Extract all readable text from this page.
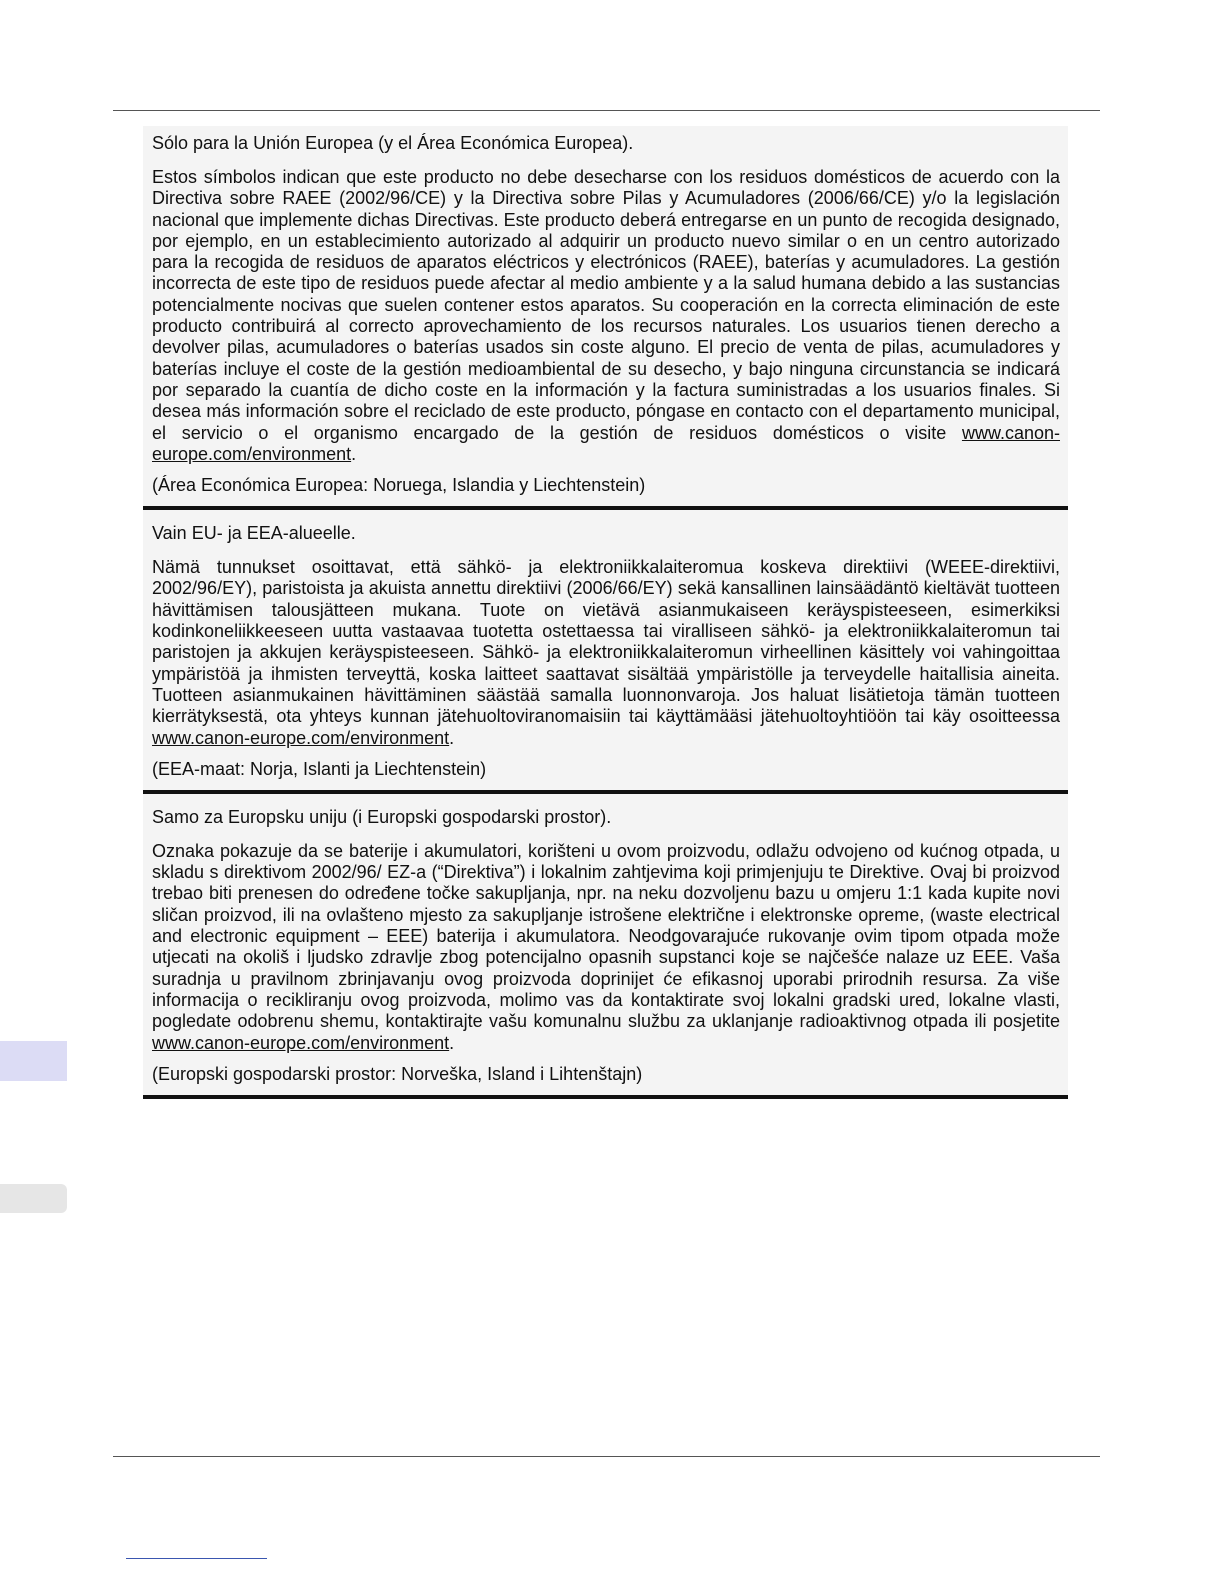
Sólo para la Unión Europea (y el Área Económica Europea).

Estos símbolos indican que este producto no debe desecharse con los residuos domésticos de acuerdo con la Directiva sobre RAEE (2002/96/CE) y la Directiva sobre Pilas y Acumuladores (2006/66/CE) y/o la legislación nacional que implemente dichas Directivas. Este producto deberá entregarse en un punto de recogida designado, por ejemplo, en un establecimiento autorizado al adquirir un producto nuevo similar o en un centro autorizado para la recogida de residuos de aparatos eléctricos y electrónicos (RAEE), baterías y acumuladores. La gestión incorrecta de este tipo de residuos puede afectar al medio ambiente y a la salud humana debido a las sustancias potencialmente nocivas que suelen contener estos aparatos. Su cooperación en la correcta eliminación de este producto contribuirá al correcto aprovechamiento de los recursos naturales. Los usuarios tienen derecho a devolver pilas, acumuladores o baterías usados sin coste alguno. El precio de venta de pilas, acumuladores y baterías incluye el coste de la gestión medioambiental de su desecho, y bajo ninguna circunstancia se indicará por separado la cuantía de dicho coste en la información y la factura suministradas a los usuarios finales. Si desea más información sobre el reciclado de este producto, póngase en contacto con el departamento municipal, el servicio o el organismo encargado de la gestión de residuos domésticos o visite www.canon-europe.com/environment.

(Área Económica Europea: Noruega, Islandia y Liechtenstein)

Vain EU- ja EEA-alueelle.

Nämä tunnukset osoittavat, että sähkö- ja elektroniikkalaiteromua koskeva direktiivi (WEEE-direktiivi, 2002/96/EY), paristoista ja akuista annettu direktiivi (2006/66/EY) sekä kansallinen lainsäädäntö kieltävät tuotteen hävittämisen talousjätteen mukana. Tuote on vietävä asianmukaiseen keräyspisteeseen, esimerkiksi kodinkoneliikkeeseen uutta vastaavaa tuotetta ostettaessa tai viralliseen sähkö- ja elektroniikkalaiteromun tai paristojen ja akkujen keräyspisteeseen. Sähkö- ja elektroniikkalaiteromun virheellinen käsittely voi vahingoittaa ympäristöä ja ihmisten terveyttä, koska laitteet saattavat sisältää ympäristölle ja terveydelle haitallisia aineita. Tuotteen asianmukainen hävittäminen säästää samalla luonnonvaroja. Jos haluat lisätietoja tämän tuotteen kierrätyksestä, ota yhteys kunnan jätehuoltoviranomaisiin tai käyttämääsi jätehuoltoyhtiöön tai käy osoitteessa www.canon-europe.com/environment.

(EEA-maat: Norja, Islanti ja Liechtenstein)

Samo za Europsku uniju (i Europski gospodarski prostor).

Oznaka pokazuje da se baterije i akumulatori, korišteni u ovom proizvodu, odlažu odvojeno od kućnog otpada, u skladu s direktivom 2002/96/ EZ-a (“Direktiva”) i lokalnim zahtjevima koji primjenjuju te Direktive. Ovaj bi proizvod trebao biti prenesen do određene točke sakupljanja, npr. na neku dozvoljenu bazu u omjeru 1:1 kada kupite novi sličan proizvod, ili na ovlašteno mjesto za sakupljanje istrošene električne i elektronske opreme, (waste electrical and electronic equipment – EEE) baterija i akumulatora. Neodgovarajuće rukovanje ovim tipom otpada može utjecati na okoliš i ljudsko zdravlje zbog potencijalno opasnih supstanci koje se najčešće nalaze uz EEE. Vaša suradnja u pravilnom zbrinjavanju ovog proizvoda doprinijet će efikasnoj uporabi prirodnih resursa. Za više informacija o recikliranju ovog proizvoda, molimo vas da kontaktirate svoj lokalni gradski ured, lokalne vlasti, pogledate odobrenu shemu, kontaktirajte vašu komunalnu službu za uklanjanje radioaktivnog otpada ili posjetite www.canon-europe.com/environment.

(Europski gospodarski prostor: Norveška, Island i Lihtenštajn)
